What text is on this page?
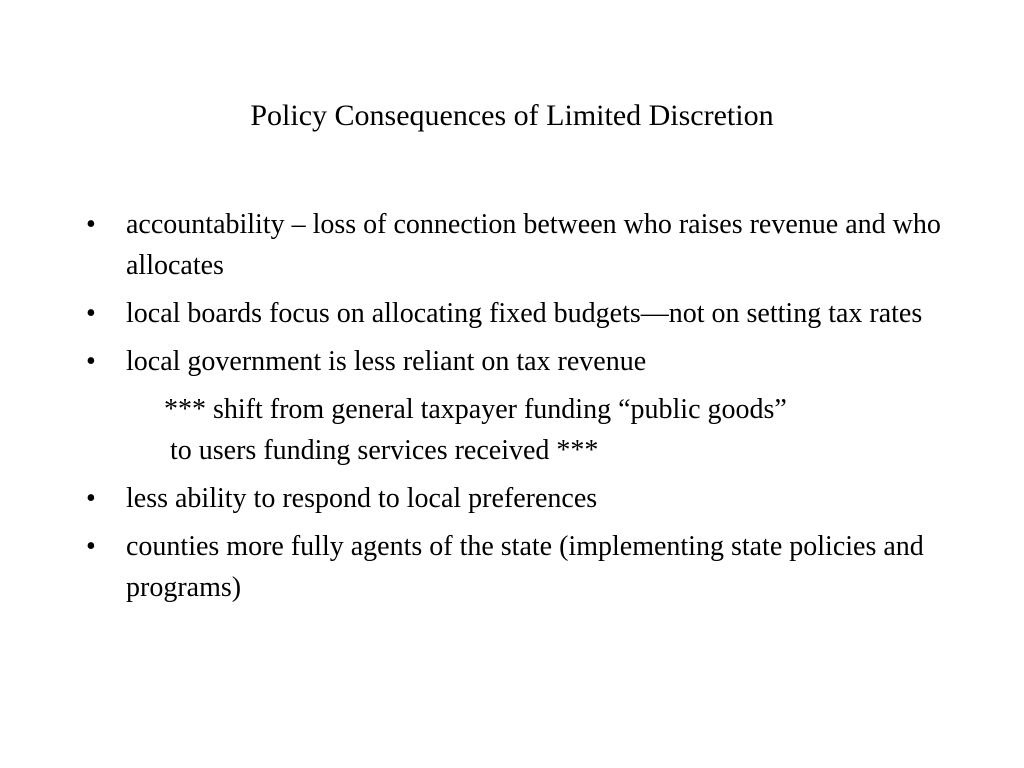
Policy Consequences of Limited Discretion
•	accountability – loss of connection between who raises revenue and who allocates
•	local boards focus on allocating fixed budgets—not on setting tax rates
•	local government is less reliant on tax revenue
*** shift from general taxpayer funding “public goods”
to users funding services received ***
•	less ability to respond to local preferences
•	counties more fully agents of the state (implementing state policies and programs)
